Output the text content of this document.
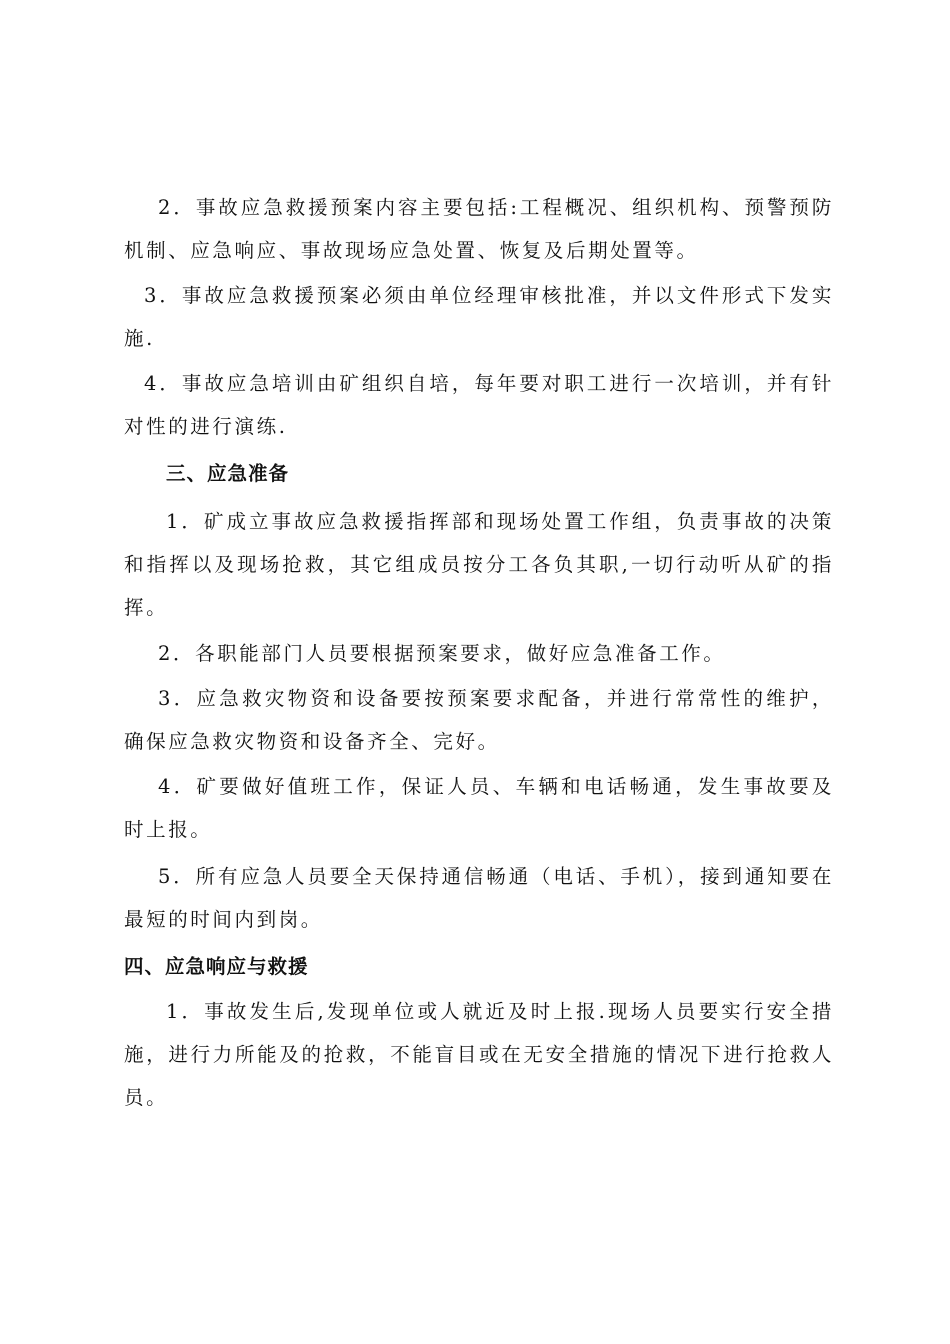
2．事故应急救援预案内容主要包括:工程概况、组织机构、预警预防机制、应急响应、事故现场应急处置、恢复及后期处置等。

3．事故应急救援预案必须由单位经理审核批准，并以文件形式下发实施.

4．事故应急培训由矿组织自培，每年要对职工进行一次培训，并有针对性的进行演练.

三、应急准备

1．矿成立事故应急救援指挥部和现场处置工作组，负责事故的决策和指挥以及现场抢救，其它组成员按分工各负其职,一切行动听从矿的指挥。

2．各职能部门人员要根据预案要求，做好应急准备工作。

3．应急救灾物资和设备要按预案要求配备，并进行常常性的维护，确保应急救灾物资和设备齐全、完好。

4．矿要做好值班工作，保证人员、车辆和电话畅通，发生事故要及时上报。

5．所有应急人员要全天保持通信畅通（电话、手机），接到通知要在最短的时间内到岗。

四、应急响应与救援

1．事故发生后,发现单位或人就近及时上报.现场人员要实行安全措施，进行力所能及的抢救，不能盲目或在无安全措施的情况下进行抢救人员。
